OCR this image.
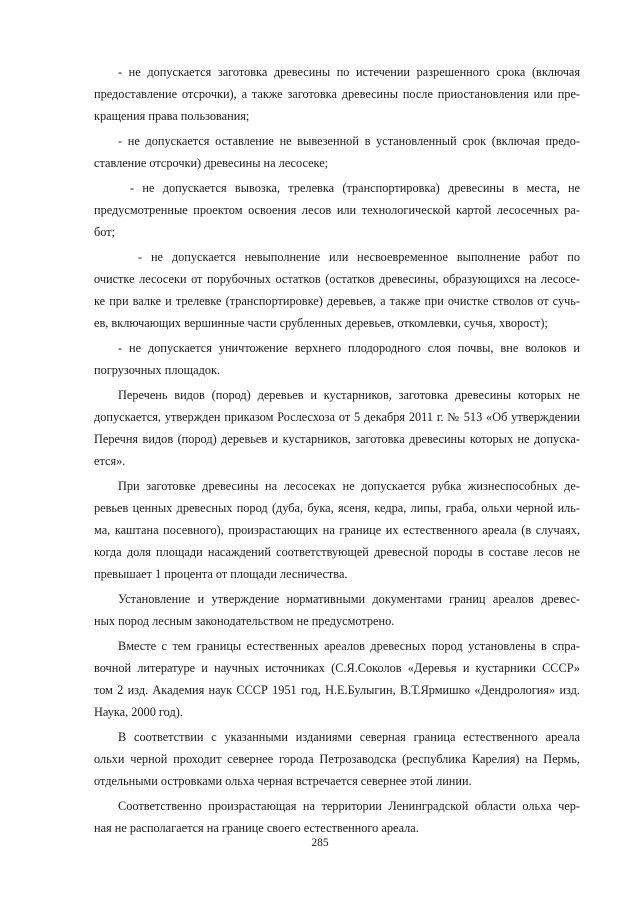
- не допускается заготовка древесины по истечении разрешенного срока (включая
предоставление отсрочки), а также заготовка древесины после приостановления или пре-
кращения права пользования;

- не допускается оставление не вывезенной в установленный срок (включая предо-
ставление отсрочки) древесины на лесосеке;

- не допускается вывозка, трелевка (транспортировка) древесины в места, не
предусмотренные проектом освоения лесов или технологической картой лесосечных ра-
бот;

- не допускается невыполнение или несвоевременное выполнение работ по
очистке лесосеки от порубочных остатков (остатков древесины, образующихся на лесосе-
ке при валке и трелевке (транспортировке) деревьев, а также при очистке стволов от сучь-
ев, включающих вершинные части срубленных деревьев, откомлевки, сучья, хворост);

- не допускается уничтожение верхнего плодородного слоя почвы, вне волоков и
погрузочных площадок.

Перечень видов (пород) деревьев и кустарников, заготовка древесины которых не
допускается, утвержден приказом Рослесхоза от 5 декабря 2011 г. № 513 «Об утверждении
Перечня видов (пород) деревьев и кустарников, заготовка древесины которых не допуска-
ется».

При заготовке древесины на лесосеках не допускается рубка жизнеспособных де-
ревьев ценных древесных пород (дуба, бука, ясеня, кедра, липы, граба, ольхи черной иль-
ма, каштана посевного), произрастающих на границе их естественного ареала (в случаях,
когда доля площади насаждений соответствующей древесной породы в составе лесов не
превышает 1 процента от площади лесничества.

Установление и утверждение нормативными документами границ ареалов древес-
ных пород лесным законодательством не предусмотрено.

Вместе с тем границы естественных ареалов древесных пород установлены в спра-
вочной литературе и научных источниках (С.Я.Соколов «Деревья и кустарники СССР»
том 2 изд. Академия наук СССР 1951 год, Н.Е.Булыгин, В.Т.Ярмишко «Дендрология» изд.
Наука, 2000 год).

В соответствии с указанными изданиями северная граница естественного ареала
ольхи черной проходит севернее города Петрозаводска (республика Карелия) на Пермь,
отдельными островками ольха черная встречается севернее этой линии.

Соответственно произрастающая на территории Ленинградской области ольха чер-
ная не располагается на границе своего естественного ареала.

285
